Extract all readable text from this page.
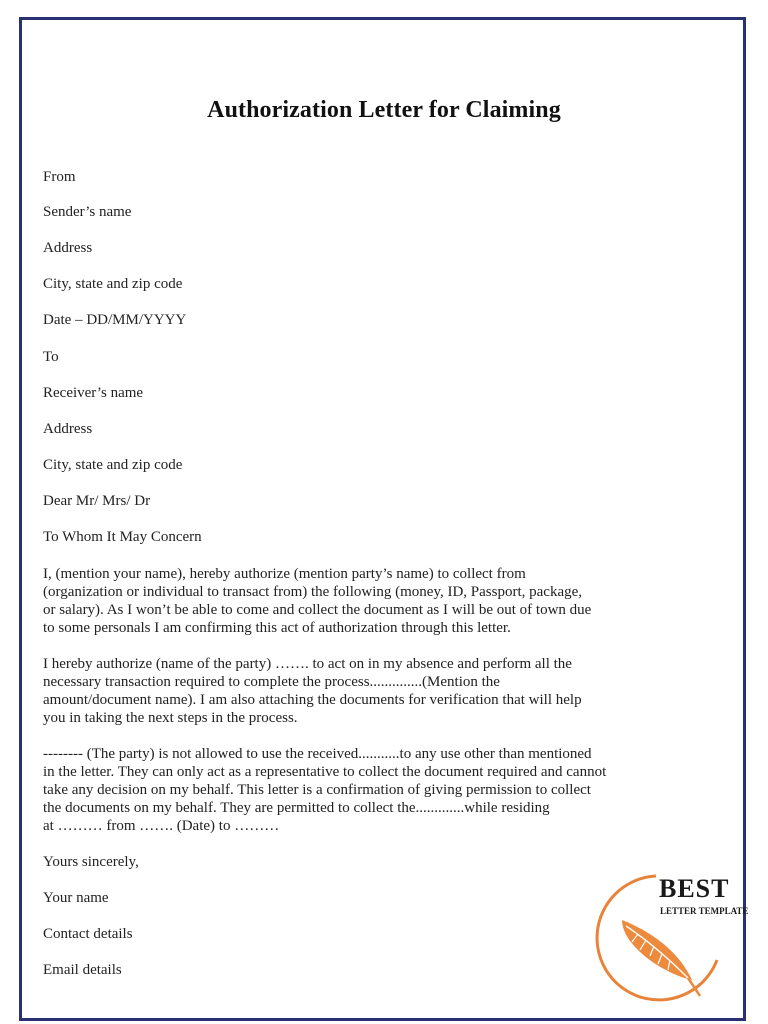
Authorization Letter for Claiming

From

Sender’s name

Address

City, state and zip code

Date – DD/MM/YYYY

To

Receiver’s name

Address

City, state and zip code

Dear Mr/ Mrs/ Dr

To Whom It May Concern

I, (mention your name), hereby authorize (mention party’s name) to collect from
(organization or individual to transact from) the following (money, ID, Passport, package,
or salary). As I won’t be able to come and collect the document as I will be out of town due
to some personals I am confirming this act of authorization through this letter.
I hereby authorize (name of the party) ……. to act on in my absence and perform all the
necessary transaction required to complete the process..............(Mention the
amount/document name). I am also attaching the documents for verification that will help
you in taking the next steps in the process.
-------- (The party) is not allowed to use the received...........to any use other than mentioned
in the letter. They can only act as a representative to collect the document required and cannot
take any decision on my behalf. This letter is a confirmation of giving permission to collect
the documents on my behalf. They are permitted to collect the.............while residing
at ……… from ……. (Date) to ………

Yours sincerely,

Your name

Contact details

Email details

BEST
LETTER TEMPLATE
